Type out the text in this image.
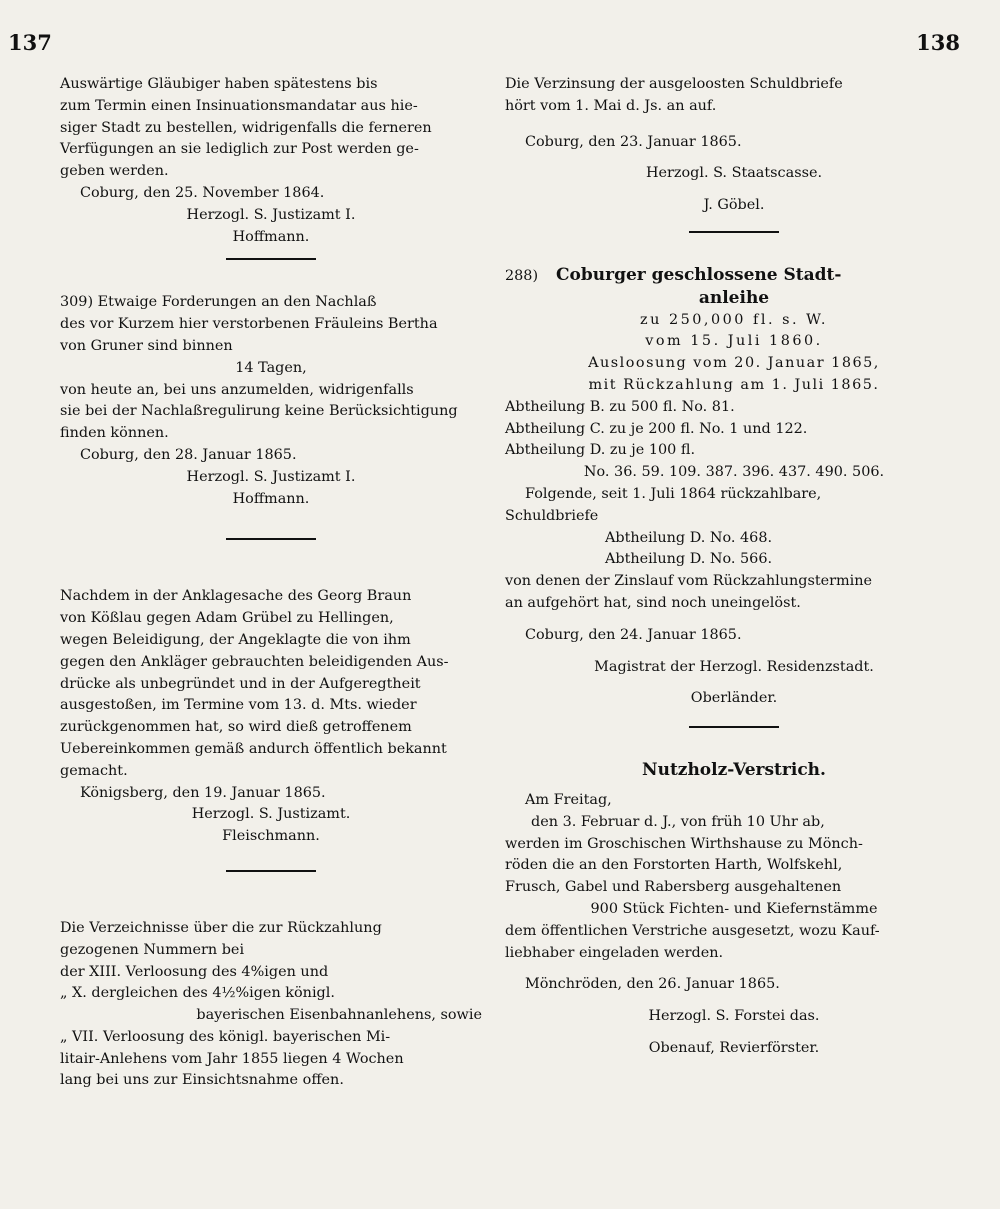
137	138

Auswärtige Gläubiger haben spätestens bis

zum Termin einen Insinuationsmandatar aus hie-

siger Stadt zu bestellen, widrigenfalls die ferneren

Verfügungen an sie lediglich zur Post werden ge-

geben werden.

Coburg, den 25. November 1864.

Herzogl. S. Justizamt I.

Hoffmann.

309) Etwaige Forderungen an den Nachlaß

des vor Kurzem hier verstorbenen Fräuleins Bertha

von Gruner sind binnen

14 Tagen,

von heute an, bei uns anzumelden, widrigenfalls

sie bei der Nachlaßregulirung keine Berücksichtigung

finden können.

Coburg, den 28. Januar 1865.

Herzogl. S. Justizamt I.

Hoffmann.

Nachdem in der Anklagesache des Georg Braun

von Kößlau gegen Adam Grübel zu Hellingen,

wegen Beleidigung, der Angeklagte die von ihm

gegen den Ankläger gebrauchten beleidigenden Aus-

drücke als unbegründet und in der Aufgeregtheit

ausgestoßen, im Termine vom 13. d. Mts. wieder

zurückgenommen hat, so wird dieß getroffenem

Uebereinkommen gemäß andurch öffentlich bekannt

gemacht.

Königsberg, den 19. Januar 1865.

Herzogl. S. Justizamt.

Fleischmann.

Die Verzeichnisse über die zur Rückzahlung

gezogenen Nummern bei

der XIII. Verloosung des 4%igen und

„ X. dergleichen des 4½%igen königl.

bayerischen Eisenbahnanlehens, sowie

„ VII. Verloosung des königl. bayerischen Mi-

litair-Anlehens vom Jahr 1855 liegen 4 Wochen

lang bei uns zur Einsichtsnahme offen.

Die Verzinsung der ausgeloosten Schuldbriefe

hört vom 1. Mai d. Js. an auf.

Coburg, den 23. Januar 1865.

Herzogl. S. Staatscasse.

J. Göbel.

288) Coburger geschlossene Stadt-

anleihe

zu 250,000 fl. s. W.

vom 15. Juli 1860.

Ausloosung vom 20. Januar 1865,

mit Rückzahlung am 1. Juli 1865.

Abtheilung B. zu 500 fl. No. 81.

Abtheilung C. zu je 200 fl. No. 1 und 122.

Abtheilung D. zu je 100 fl.

No. 36. 59. 109. 387. 396. 437. 490. 506.

Folgende, seit 1. Juli 1864 rückzahlbare,

Schuldbriefe

Abtheilung D. No. 468.

Abtheilung D. No. 566.

von denen der Zinslauf vom Rückzahlungstermine

an aufgehört hat, sind noch uneingelöst.

Coburg, den 24. Januar 1865.

Magistrat der Herzogl. Residenzstadt.

Oberländer.

Nutzholz-Verstrich.

Am Freitag,

den 3. Februar d. J., von früh 10 Uhr ab,

werden im Groschischen Wirthshause zu Mönch-

röden die an den Forstorten Harth, Wolfskehl,

Frusch, Gabel und Rabersberg ausgehaltenen

900 Stück Fichten- und Kiefernstämme

dem öffentlichen Verstriche ausgesetzt, wozu Kauf-

liebhaber eingeladen werden.

Mönchröden, den 26. Januar 1865.

Herzogl. S. Forstei das.

Obenauf, Revierförster.
